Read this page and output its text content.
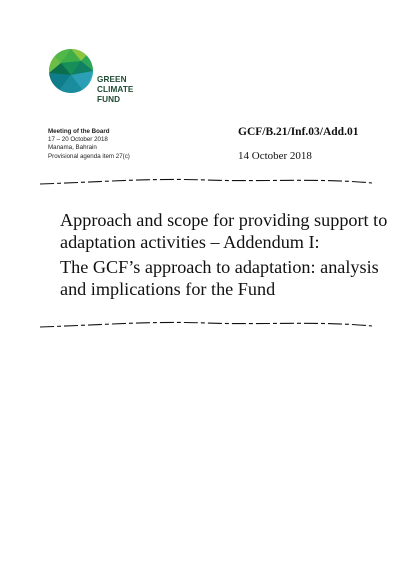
GREEN
CLIMATE
FUND
Meeting of the Board
17 – 20 October 2018
Manama, Bahrain
Provisional agenda item 27(c)
GCF/B.21/Inf.03/Add.01
14 October 2018

Approach and scope for providing support to adaptation activities – Addendum I:

The GCF’s approach to adaptation: analysis and implications for the Fund
